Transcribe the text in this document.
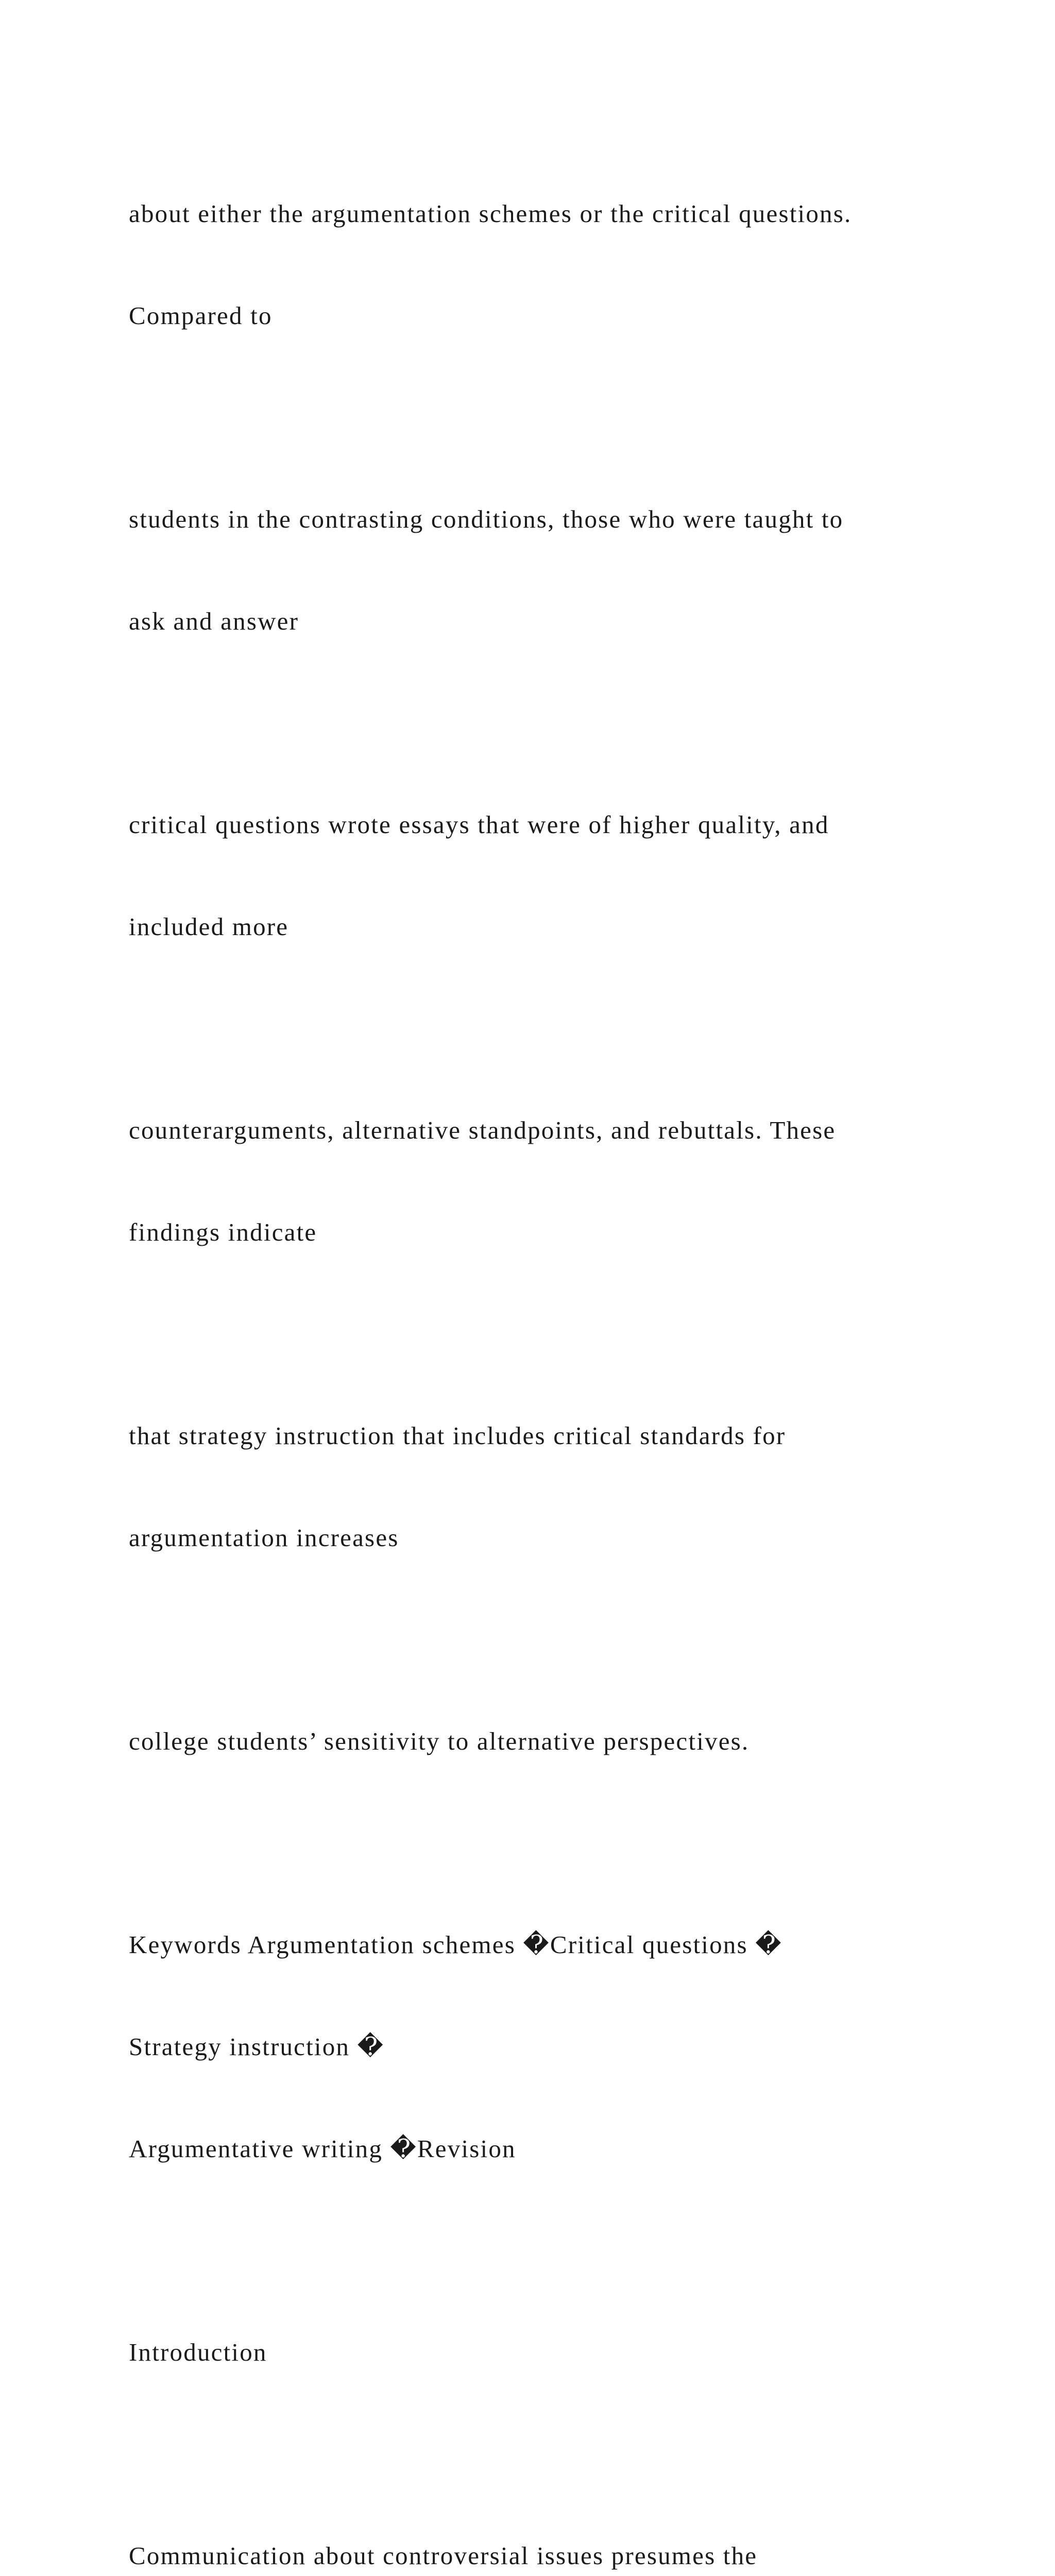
about either the argumentation schemes or the critical questions.

Compared to

students in the contrasting conditions, those who were taught to

ask and answer

critical questions wrote essays that were of higher quality, and

included more

counterarguments, alternative standpoints, and rebuttals. These

findings indicate

that strategy instruction that includes critical standards for

argumentation increases

college students’ sensitivity to alternative perspectives.

Keywords Argumentation schemes �Critical questions �

Strategy instruction �

Argumentative writing �Revision

Introduction

Communication about controversial issues presumes the
